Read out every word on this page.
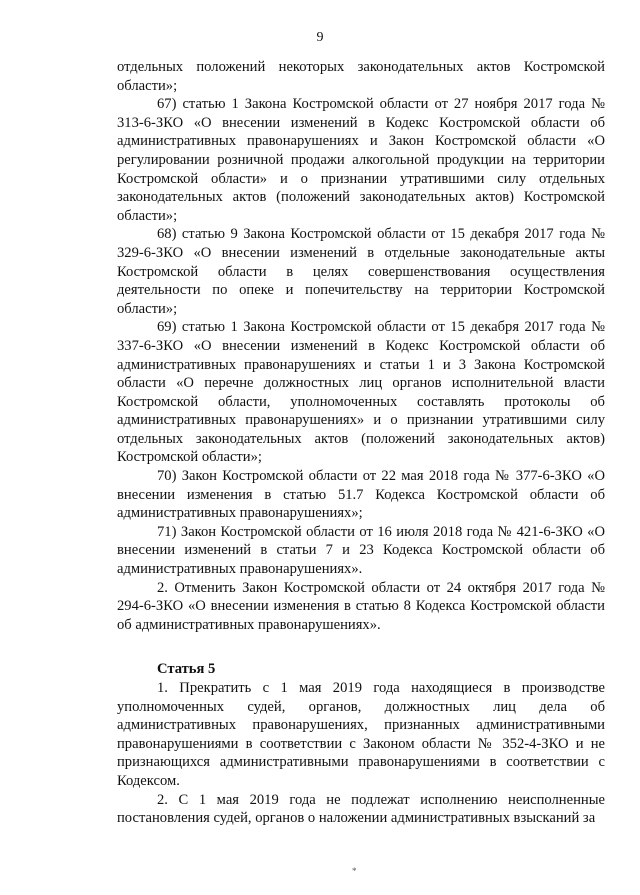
9

отдельных положений некоторых законодательных актов Костромской области»;

67) статью 1 Закона Костромской области от 27 ноября 2017 года № 313-6-ЗКО «О внесении изменений в Кодекс Костромской области об административных правонарушениях и Закон Костромской области «О регулировании розничной продажи алкогольной продукции на территории Костромской области» и о признании утратившими силу отдельных законодательных актов (положений законодательных актов) Костромской области»;

68) статью 9 Закона Костромской области от 15 декабря 2017 года № 329-6-ЗКО «О внесении изменений в отдельные законодательные акты Костромской области в целях совершенствования осуществления деятельности по опеке и попечительству на территории Костромской области»;

69) статью 1 Закона Костромской области от 15 декабря 2017 года № 337-6-ЗКО «О внесении изменений в Кодекс Костромской области об административных правонарушениях и статьи 1 и 3 Закона Костромской области «О перечне должностных лиц органов исполнительной власти Костромской области, уполномоченных составлять протоколы об административных правонарушениях» и о признании утратившими силу отдельных законодательных актов (положений законодательных актов) Костромской области»;

70) Закон Костромской области от 22 мая 2018 года № 377-6-ЗКО «О внесении изменения в статью 51.7 Кодекса Костромской области об административных правонарушениях»;

71) Закон Костромской области от 16 июля 2018 года № 421-6-ЗКО «О внесении изменений в статьи 7 и 23 Кодекса Костромской области об административных правонарушениях».

2. Отменить Закон Костромской области от 24 октября 2017 года № 294-6-ЗКО «О внесении изменения в статью 8 Кодекса Костромской области об административных правонарушениях».

Статья 5

1. Прекратить с 1 мая 2019 года находящиеся в производстве уполномоченных судей, органов, должностных лиц дела об административных правонарушениях, признанных административными правонарушениями в соответствии с Законом области № 352-4-ЗКО и не признающихся административными правонарушениями в соответствии с Кодексом.

2. С 1 мая 2019 года не подлежат исполнению неисполненные постановления судей, органов о наложении административных взысканий за

*
